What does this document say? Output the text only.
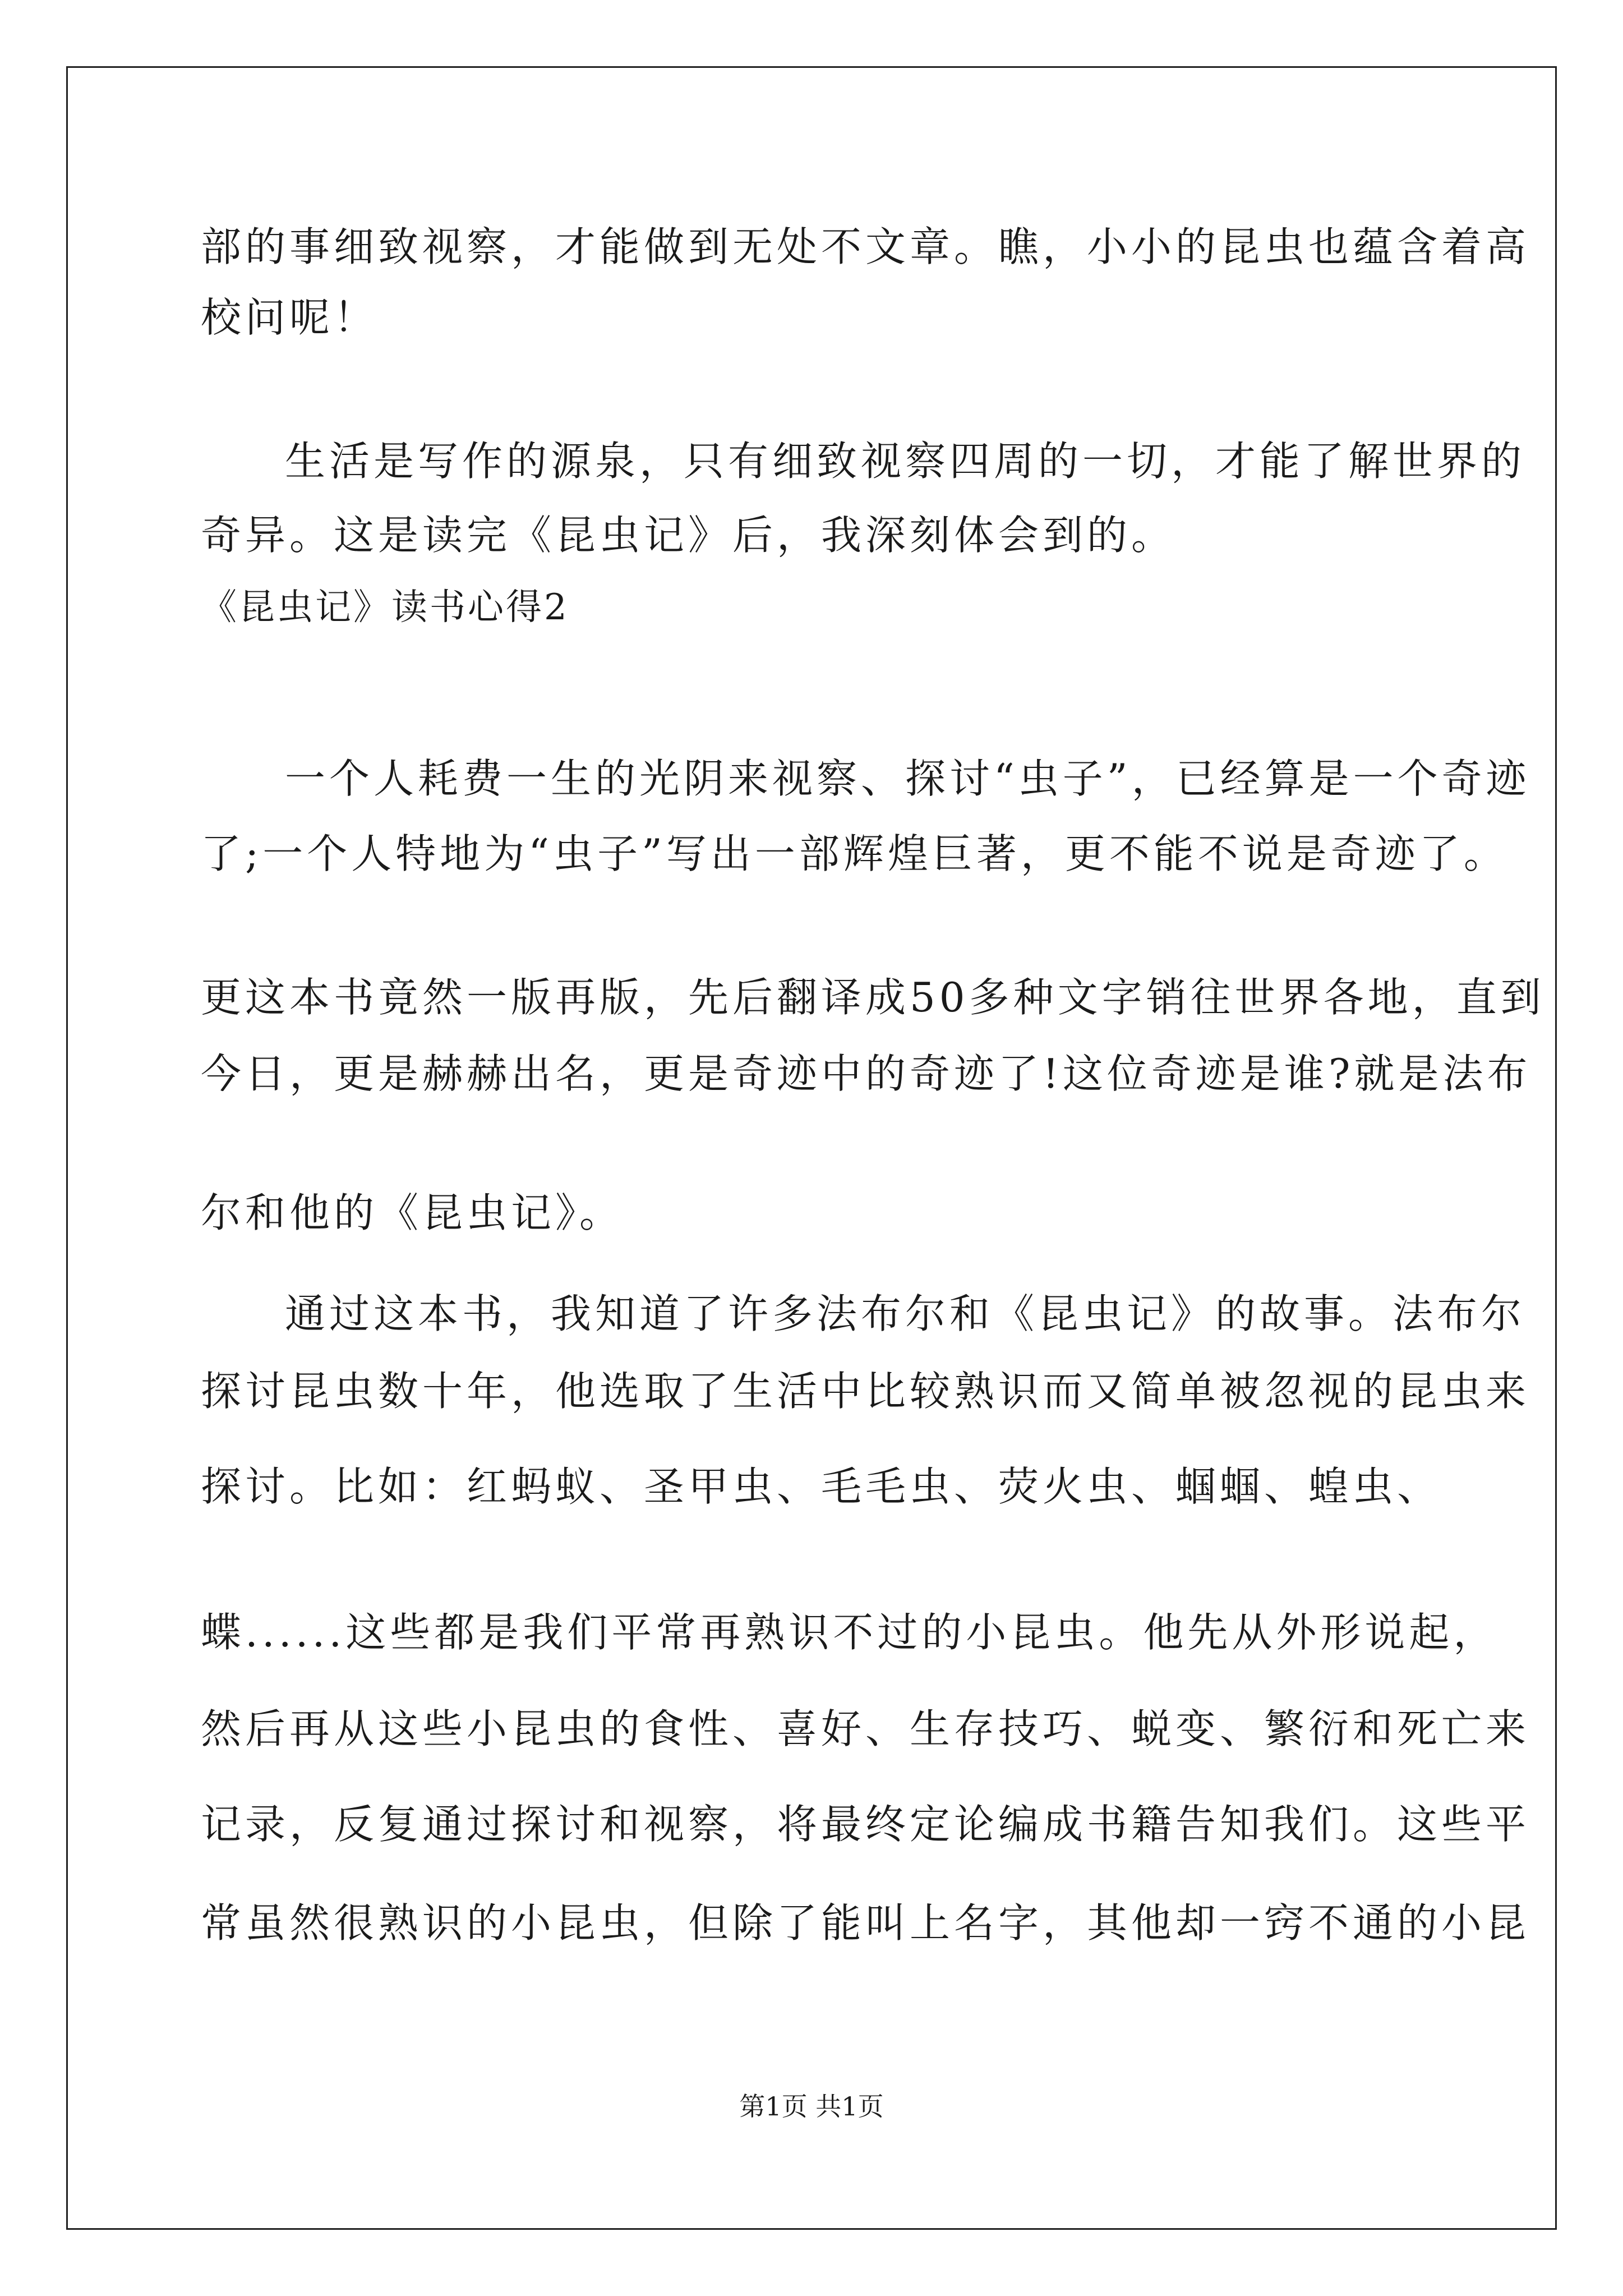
部的事细致视察，才能做到无处不文章。瞧，小小的昆虫也蕴含着高
校问呢！
生活是写作的源泉，只有细致视察四周的一切，才能了解世界的
奇异。这是读完《昆虫记》后，我深刻体会到的。
《昆虫记》读书心得2
一个人耗费一生的光阴来视察、探讨“虫子”，已经算是一个奇迹
了;一个人特地为“虫子”写出一部辉煌巨著，更不能不说是奇迹了。
更这本书竟然一版再版，先后翻译成50多种文字销往世界各地，直到
今日，更是赫赫出名，更是奇迹中的奇迹了!这位奇迹是谁?就是法布
尔和他的《昆虫记》。
通过这本书，我知道了许多法布尔和《昆虫记》的故事。法布尔
探讨昆虫数十年，他选取了生活中比较熟识而又简单被忽视的昆虫来
探讨。比如：红蚂蚁、圣甲虫、毛毛虫、荧火虫、蝈蝈、蝗虫、
蝶......这些都是我们平常再熟识不过的小昆虫。他先从外形说起，
然后再从这些小昆虫的食性、喜好、生存技巧、蜕变、繁衍和死亡来
记录，反复通过探讨和视察，将最终定论编成书籍告知我们。这些平
常虽然很熟识的小昆虫，但除了能叫上名字，其他却一窍不通的小昆
第1页 共1页
